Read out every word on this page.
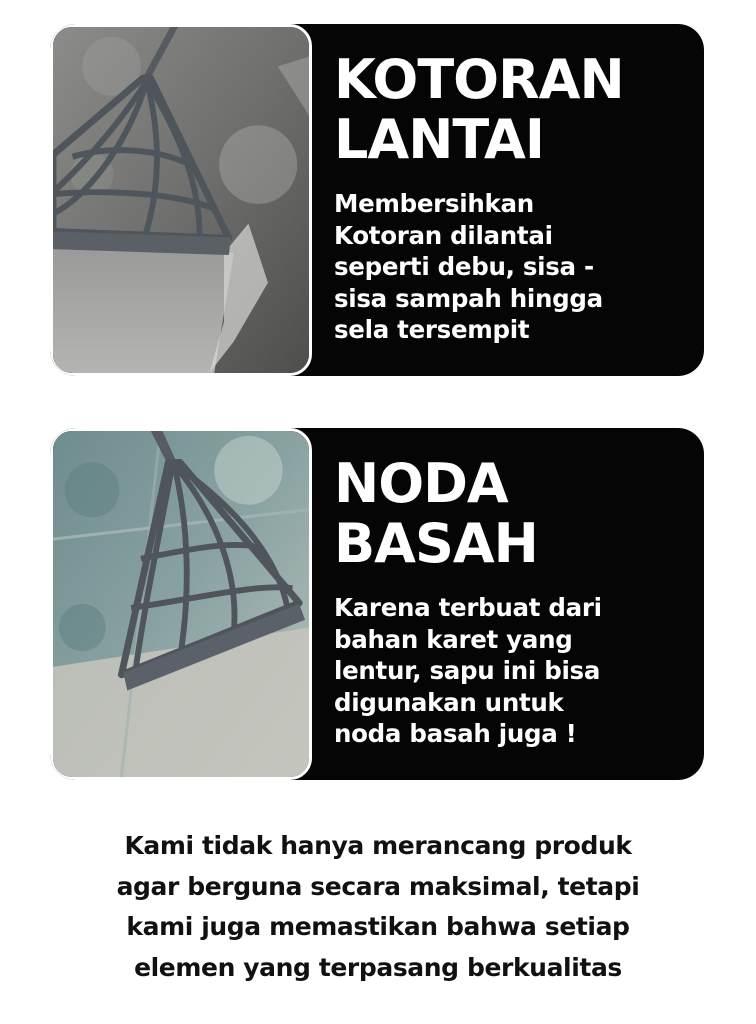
KOTORAN
LANTAI
Membersihkan
Kotoran dilantai
seperti debu, sisa -
sisa sampah hingga
sela tersempit
NODA
BASAH
Karena terbuat dari
bahan karet yang
lentur, sapu ini bisa
digunakan untuk
noda basah juga !
Kami tidak hanya merancang produk
agar berguna secara maksimal, tetapi
kami juga memastikan bahwa setiap
elemen yang terpasang berkualitas
